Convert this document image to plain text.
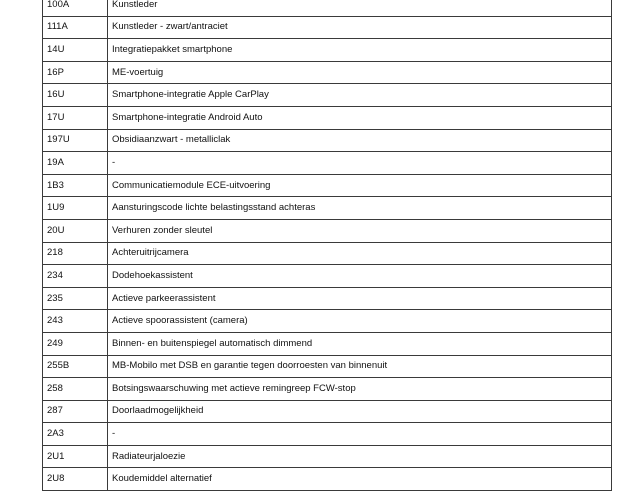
100A	Kunstleder
111A	Kunstleder - zwart/antraciet
14U	Integratiepakket smartphone
16P	ME-voertuig
16U	Smartphone-integratie Apple CarPlay
17U	Smartphone-integratie Android Auto
197U	Obsidiaanzwart - metalliclak
19A	-
1B3	Communicatiemodule ECE-uitvoering
1U9	Aansturingscode lichte belastingsstand achteras
20U	Verhuren zonder sleutel
218	Achteruitrijcamera
234	Dodehoekassistent
235	Actieve parkeerassistent
243	Actieve spoorassistent (camera)
249	Binnen- en buitenspiegel automatisch dimmend
255B	MB-Mobilo met DSB en garantie tegen doorroesten van binnenuit
258	Botsingswaarschuwing met actieve remingreep FCW-stop
287	Doorlaadmogelijkheid
2A3	-
2U1	Radiateurjaloezie
2U8	Koudemiddel alternatief
